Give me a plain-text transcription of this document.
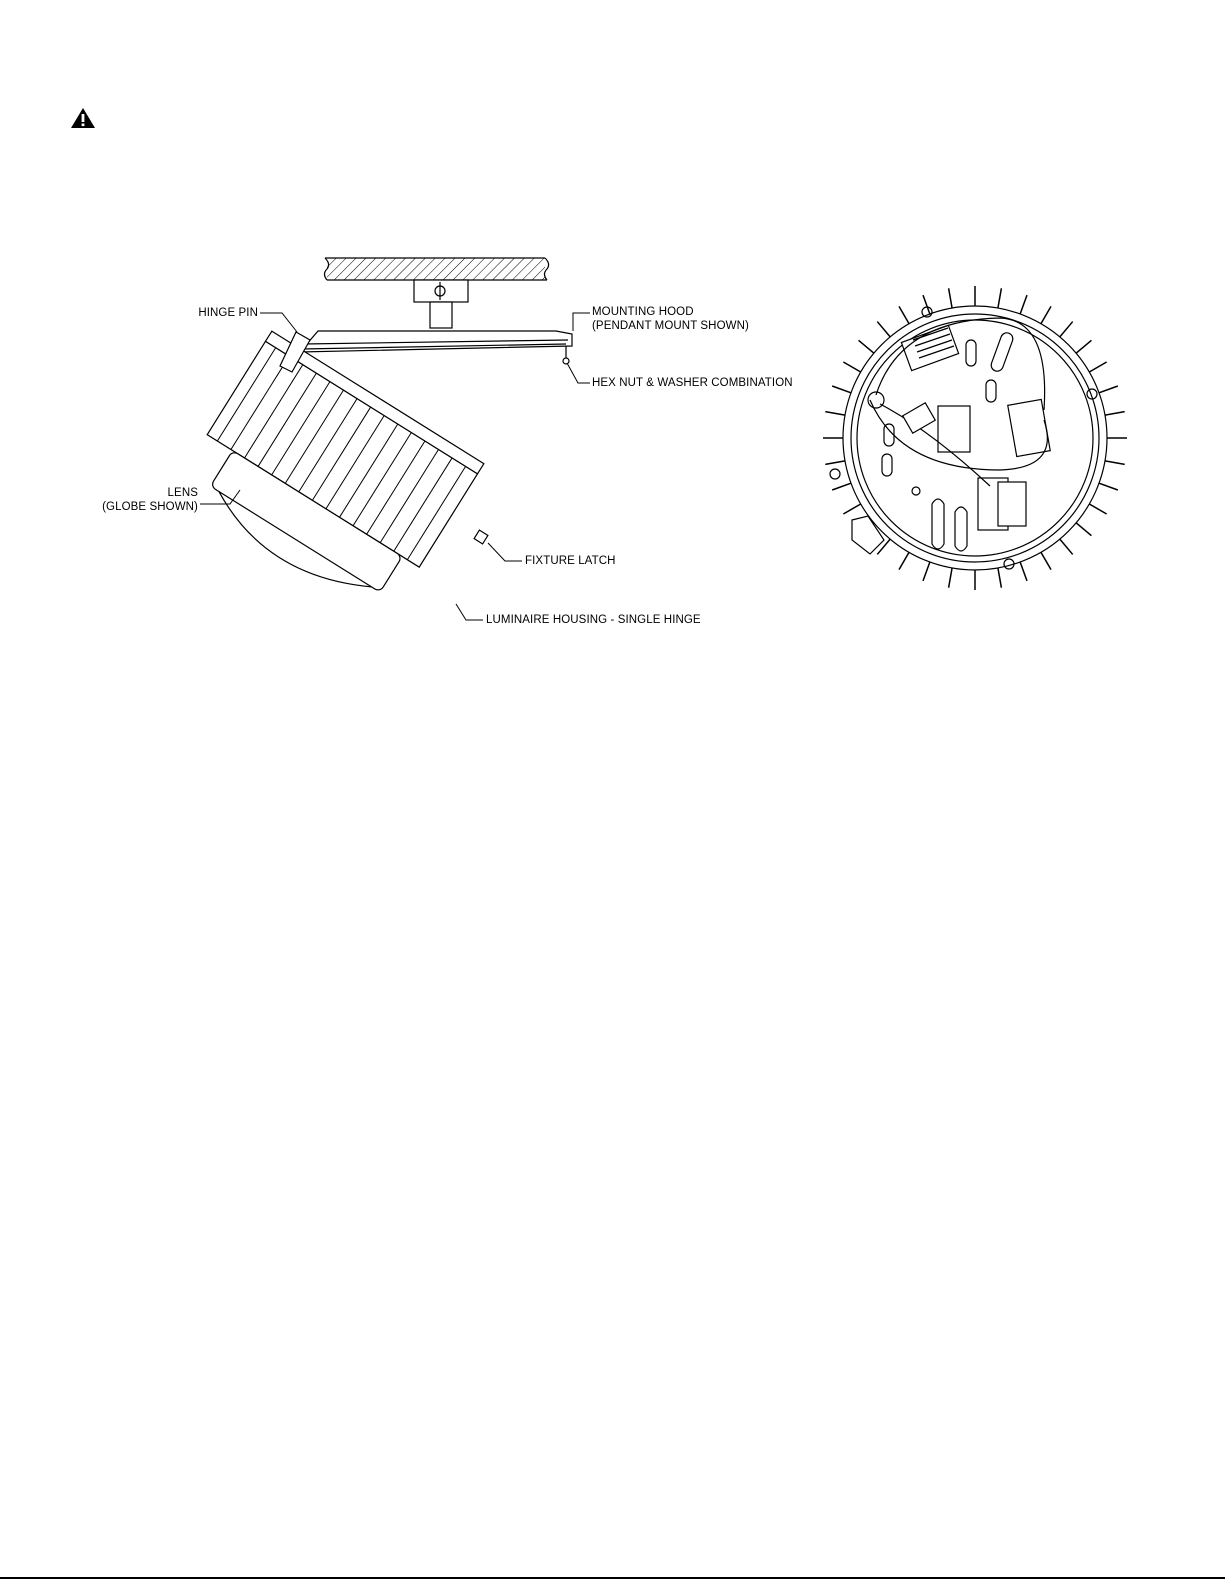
HINGE PIN	MOUNTING HOOD
(PENDANT MOUNT SHOWN)
HEX NUT & WASHER COMBINATION
LENS
(GLOBE SHOWN)
FIXTURE LATCH
LUMINAIRE HOUSING - SINGLE HINGE
